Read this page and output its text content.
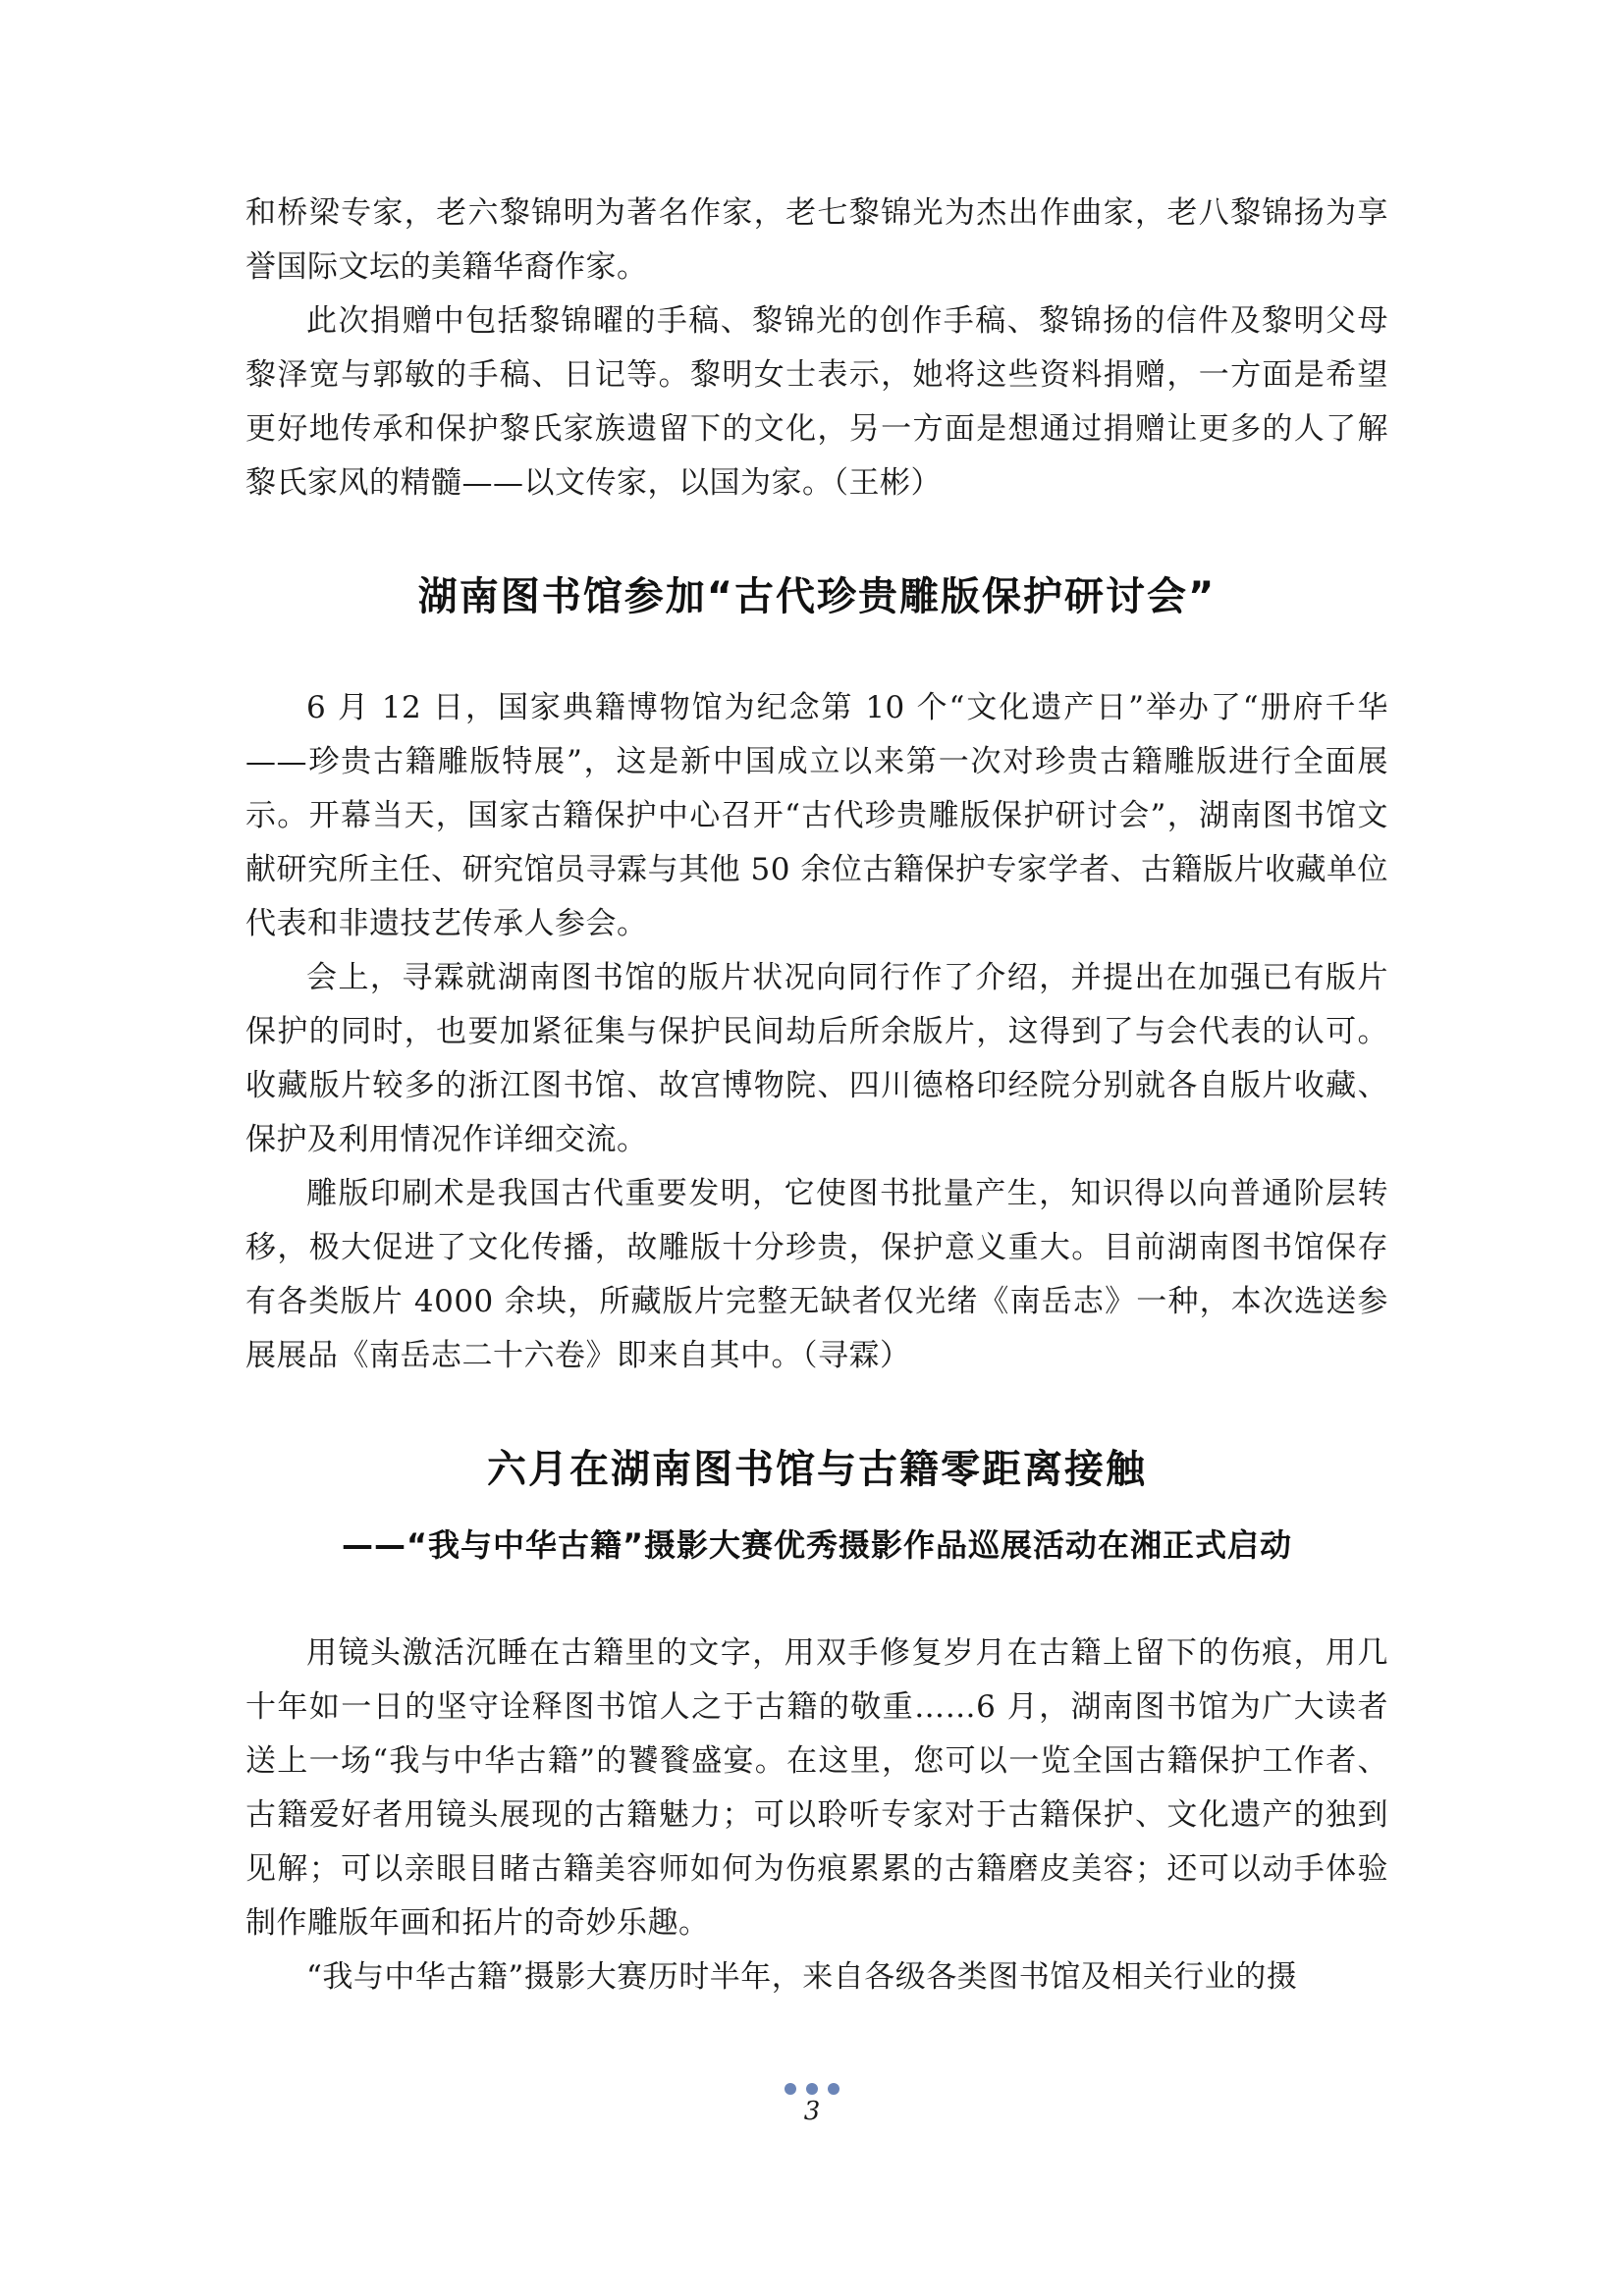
和桥梁专家，老六黎锦明为著名作家，老七黎锦光为杰出作曲家，老八黎锦扬为享誉国际文坛的美籍华裔作家。

此次捐赠中包括黎锦曜的手稿、黎锦光的创作手稿、黎锦扬的信件及黎明父母黎泽宽与郭敏的手稿、日记等。黎明女士表示，她将这些资料捐赠，一方面是希望更好地传承和保护黎氏家族遗留下的文化，另一方面是想通过捐赠让更多的人了解黎氏家风的精髓——以文传家，以国为家。（王彬）

湖南图书馆参加“古代珍贵雕版保护研讨会”

6 月 12 日，国家典籍博物馆为纪念第 10 个“文化遗产日”举办了“册府千华——珍贵古籍雕版特展”，这是新中国成立以来第一次对珍贵古籍雕版进行全面展示。开幕当天，国家古籍保护中心召开“古代珍贵雕版保护研讨会”，湖南图书馆文献研究所主任、研究馆员寻霖与其他 50 余位古籍保护专家学者、古籍版片收藏单位代表和非遗技艺传承人参会。

会上，寻霖就湖南图书馆的版片状况向同行作了介绍，并提出在加强已有版片保护的同时，也要加紧征集与保护民间劫后所余版片，这得到了与会代表的认可。收藏版片较多的浙江图书馆、故宫博物院、四川德格印经院分别就各自版片收藏、保护及利用情况作详细交流。

雕版印刷术是我国古代重要发明，它使图书批量产生，知识得以向普通阶层转移，极大促进了文化传播，故雕版十分珍贵，保护意义重大。目前湖南图书馆保存有各类版片 4000 余块，所藏版片完整无缺者仅光绪《南岳志》一种，本次选送参展展品《南岳志二十六卷》即来自其中。（寻霖）

六月在湖南图书馆与古籍零距离接触
——“我与中华古籍”摄影大赛优秀摄影作品巡展活动在湘正式启动

用镜头激活沉睡在古籍里的文字，用双手修复岁月在古籍上留下的伤痕，用几十年如一日的坚守诠释图书馆人之于古籍的敬重……6 月，湖南图书馆为广大读者送上一场“我与中华古籍”的饕餮盛宴。在这里，您可以一览全国古籍保护工作者、古籍爱好者用镜头展现的古籍魅力；可以聆听专家对于古籍保护、文化遗产的独到见解；可以亲眼目睹古籍美容师如何为伤痕累累的古籍磨皮美容；还可以动手体验制作雕版年画和拓片的奇妙乐趣。

“我与中华古籍”摄影大赛历时半年，来自各级各类图书馆及相关行业的摄

3
